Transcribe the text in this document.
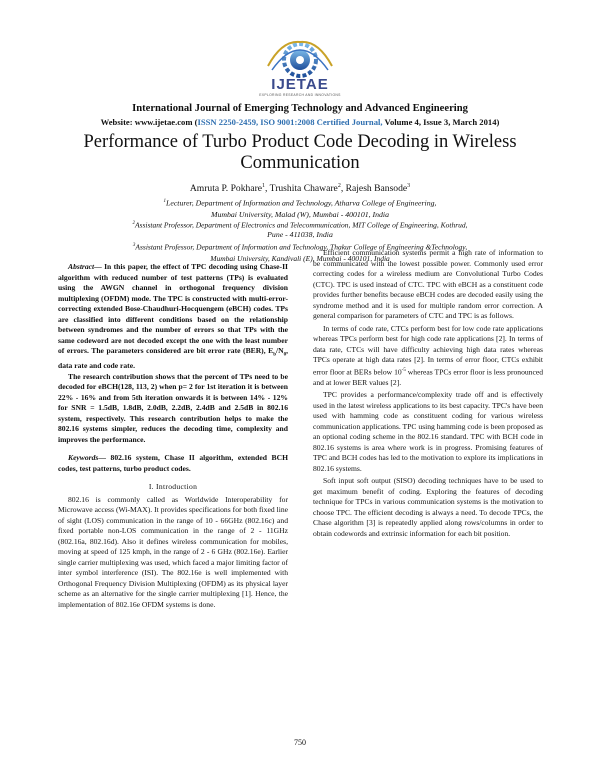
IJETAE
EXPLORING RESEARCH AND INNOVATIONS
International Journal of Emerging Technology and Advanced Engineering
Website: www.ijetae.com (ISSN 2250-2459, ISO 9001:2008 Certified Journal, Volume 4, Issue 3, March 2014)
Performance of Turbo Product Code Decoding in Wireless
Communication
Amruta P. Pokhare$^1$, Trushita Chaware$^2$, Rajesh Bansode$^3$
$^1$Lecturer, Department of Information and Technology, Atharva College of Engineering,
Mumbai University, Malad (W), Mumbai - 400101, India
$^2$Assistant Professor, Department of Electronics and Telecommunication, MIT College of Engineering, Kothrud,
Pune - 411038, India
$^3$Assistant Professor, Department of Information and Technology, Thakur College of Engineering &Technology,
Mumbai University, Kandivali (E), Mumbai - 400101, India

Abstract— In this paper, the effect of TPC decoding using Chase-II algorithm with reduced number of test patterns (TPs) is evaluated using the AWGN channel in orthogonal frequency division multiplexing (OFDM) mode. The TPC is constructed with multi-error-correcting extended Bose-Chaudhuri-Hocquengem (eBCH) codes. TPs are classified into different conditions based on the relationship between syndromes and the number of errors so that TPs with the same codeword are not decoded except the one with the least number of errors. The parameters considered are bit error rate (BER), $E_b/N_0$, data rate and code rate.

The research contribution shows that the percent of TPs need to be decoded for eBCH(128, 113, 2) when p= 2 for 1st iteration it is between 22% - 16% and from 5th iteration onwards it is between 14% - 12% for SNR = 1.5dB, 1.8dB, 2.0dB, 2.2dB, 2.4dB and 2.5dB in 802.16 system, respectively. This research contribution helps to make the 802.16 systems simpler, reduces the decoding time, complexity and improves the performance.

Keywords— 802.16 system, Chase II algorithm, extended BCH codes, test patterns, turbo product codes.

I. Introduction

802.16 is commonly called as Worldwide Interoperability for Microwave access (Wi-MAX). It provides specifications for both fixed line of sight (LOS) communication in the range of 10 - 66GHz (802.16c) and fixed portable non-LOS communication in the range of 2 - 11GHz (802.16a, 802.16d). Also it defines wireless communication for mobiles, moving at speed of 125 kmph, in the range of 2 - 6 GHz (802.16e). Earlier single carrier multiplexing was used, which faced a major limiting factor of inter symbol interference (ISI). The 802.16e is well implemented with Orthogonal Frequency Division Multiplexing (OFDM) as its physical layer scheme as an alternative for the single carrier multiplexing [1]. Hence, the implementation of 802.16e OFDM systems is done.

Efficient communication systems permit a high rate of information to be communicated with the lowest possible power. Commonly used error correcting codes for a wireless medium are Convolutional Turbo Codes (CTC). TPC is used instead of CTC. TPC with eBCH as a constituent code provides further benefits because eBCH codes are decoded easily using the syndrome method and it is used for multiple random error correction. A general comparison for parameters of CTC and TPC is as follows.

In terms of code rate, CTCs perform best for low code rate applications whereas TPCs perform best for high code rate applications [2]. In terms of data rate, CTCs will have difficulty achieving high data rates whereas TPCs operate at high data rates [2]. In terms of error floor, CTCs exhibit error floor at BERs below $10^{-5}$ whereas TPCs error floor is less pronounced and at lower BER values [2].

TPC provides a performance/complexity trade off and is effectively used in the latest wireless applications to its best capacity. TPC's have been used with hamming code as constituent coding for various wireless communication applications. TPC using hamming code is been proposed as an optional coding scheme in the 802.16 standard. TPC with BCH code in 802.16 systems is area where work is in progress. Promising features of TPC and BCH codes has led to the motivation to explore its implications in 802.16 systems.

Soft input soft output (SISO) decoding techniques have to be used to get maximum benefit of coding. Exploring the features of decoding technique for TPCs in various communication systems is the motivation to choose TPC. The efficient decoding is always a need. To decode TPCs, the Chase algorithm [3] is repeatedly applied along rows/columns in order to obtain codewords and extrinsic information for each bit position.

750
